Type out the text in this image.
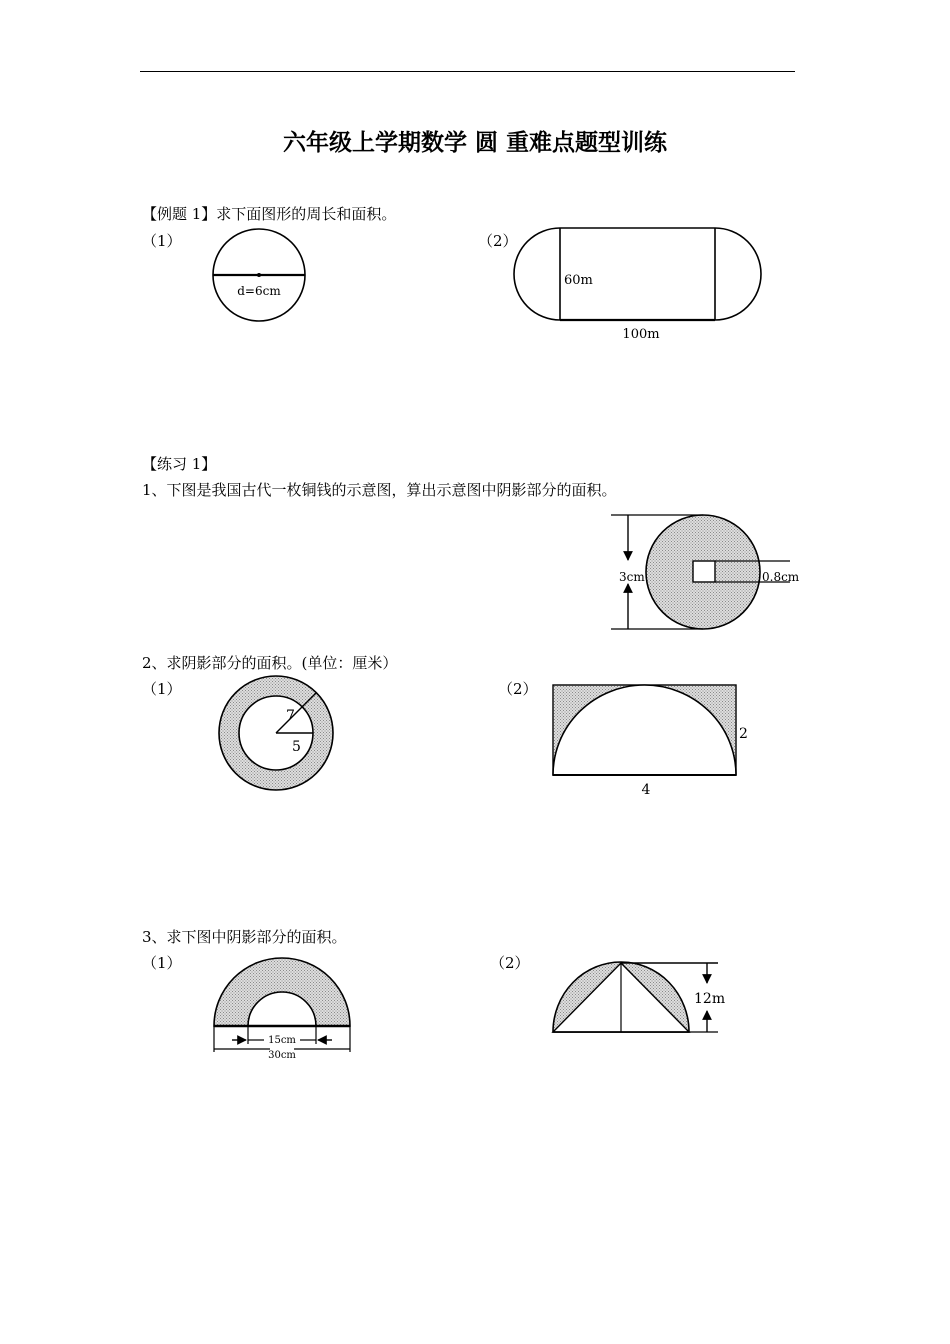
六年级上学期数学 圆 重难点题型训练
【例题 1】求下面图形的周长和面积。
（1）	（2）
d=6cm
60m
100m
【练习 1】
1、下图是我国古代一枚铜钱的示意图，算出示意图中阴影部分的面积。
3cm	0.8cm
2、求阴影部分的面积。(单位：厘米）
（1）	（2）
7
5
2
4
3、求下图中阴影部分的面积。
（1）	（2）
15cm
30cm
12m
